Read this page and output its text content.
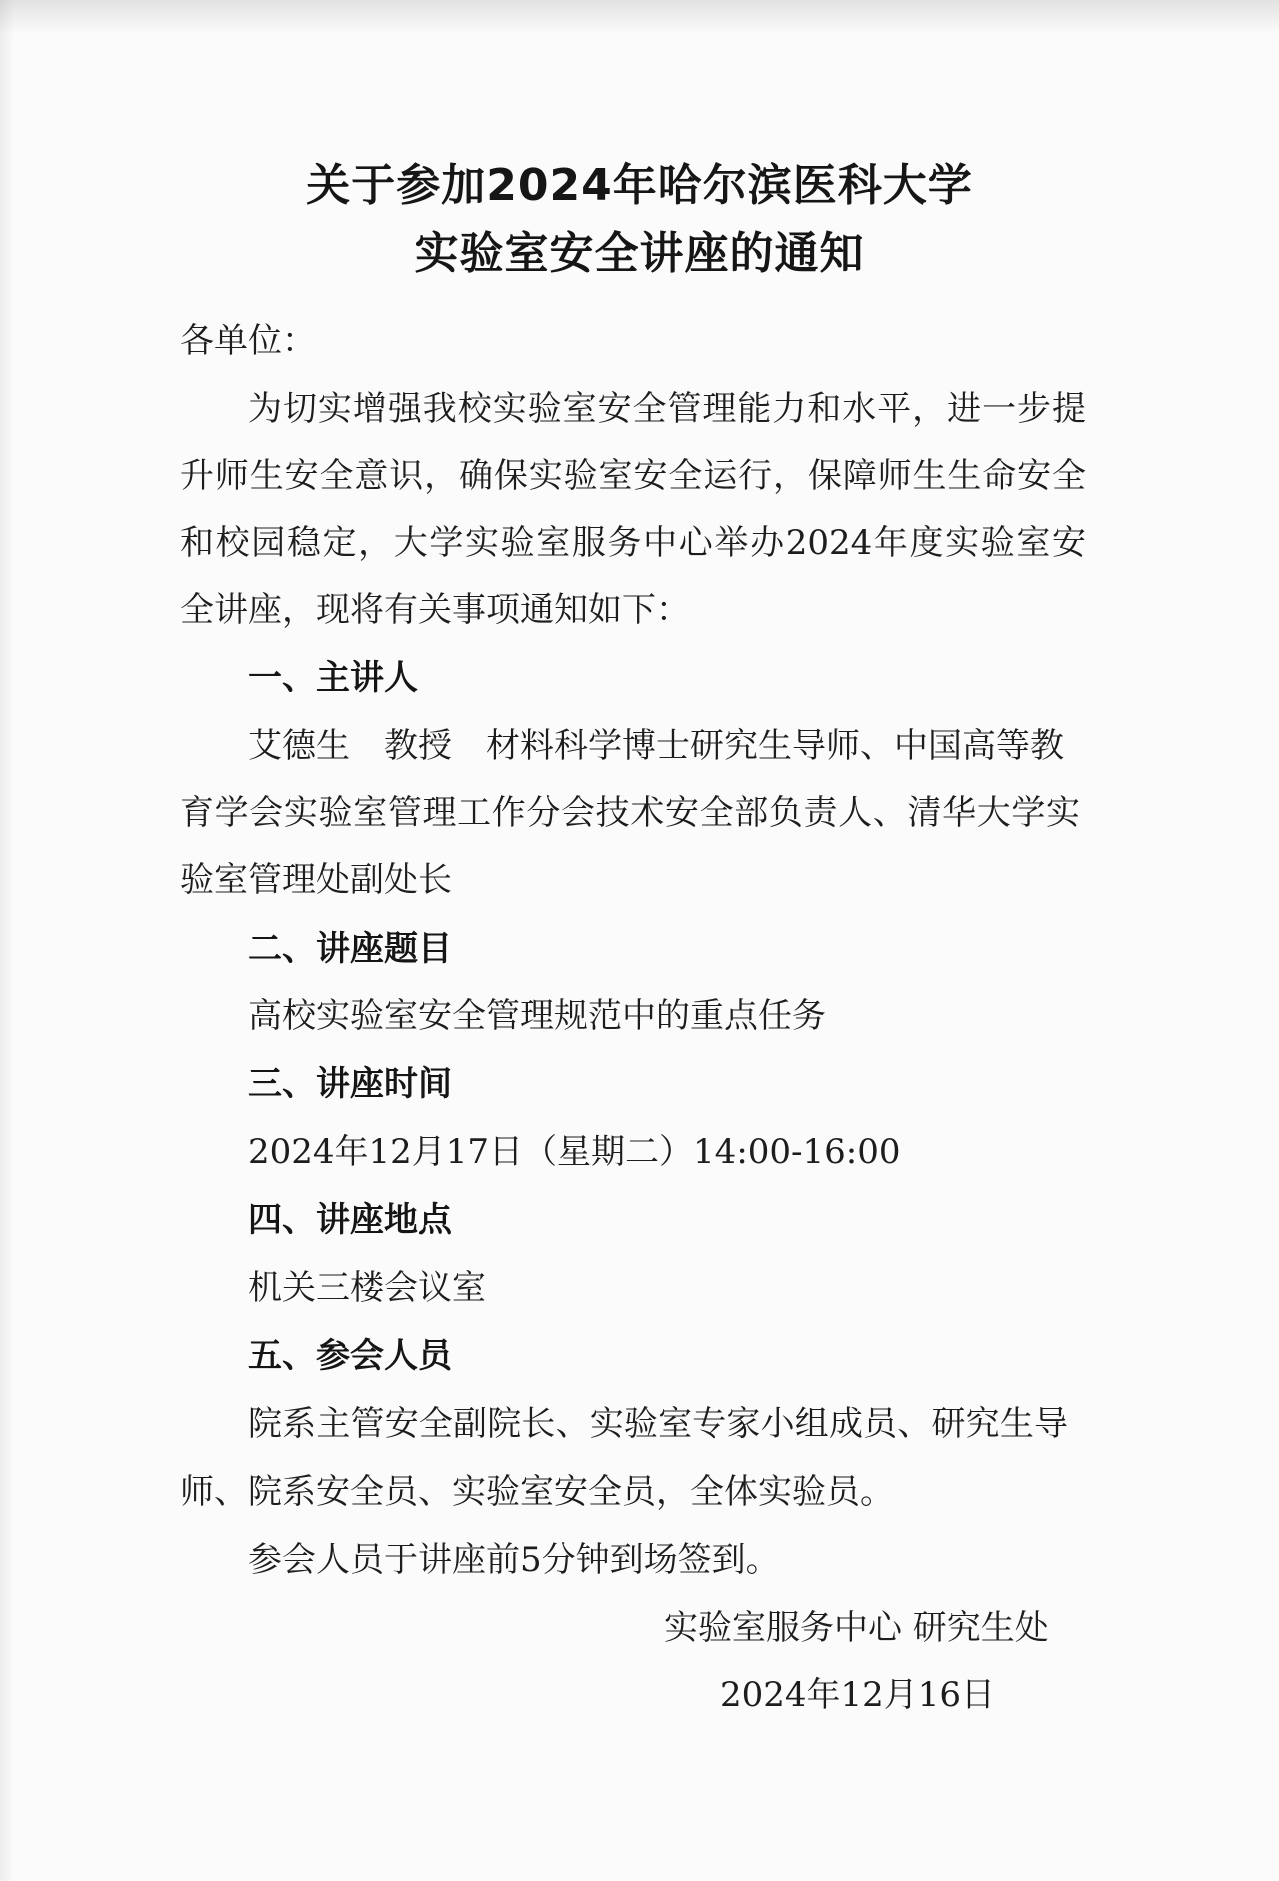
关于参加2024年哈尔滨医科大学
实验室安全讲座的通知
各单位：
为切实增强我校实验室安全管理能力和水平，进一步提
升师生安全意识，确保实验室安全运行，保障师生生命安全
和校园稳定，大学实验室服务中心举办2024年度实验室安
全讲座，现将有关事项通知如下：
一、主讲人
艾德生 教授 材料科学博士研究生导师、中国高等教
育学会实验室管理工作分会技术安全部负责人、清华大学实
验室管理处副处长
二、讲座题目
高校实验室安全管理规范中的重点任务
三、讲座时间
2024年12月17日（星期二）14:00-16:00
四、讲座地点
机关三楼会议室
五、参会人员
院系主管安全副院长、实验室专家小组成员、研究生导
师、院系安全员、实验室安全员，全体实验员。
参会人员于讲座前5分钟到场签到。
实验室服务中心 研究生处
2024年12月16日
